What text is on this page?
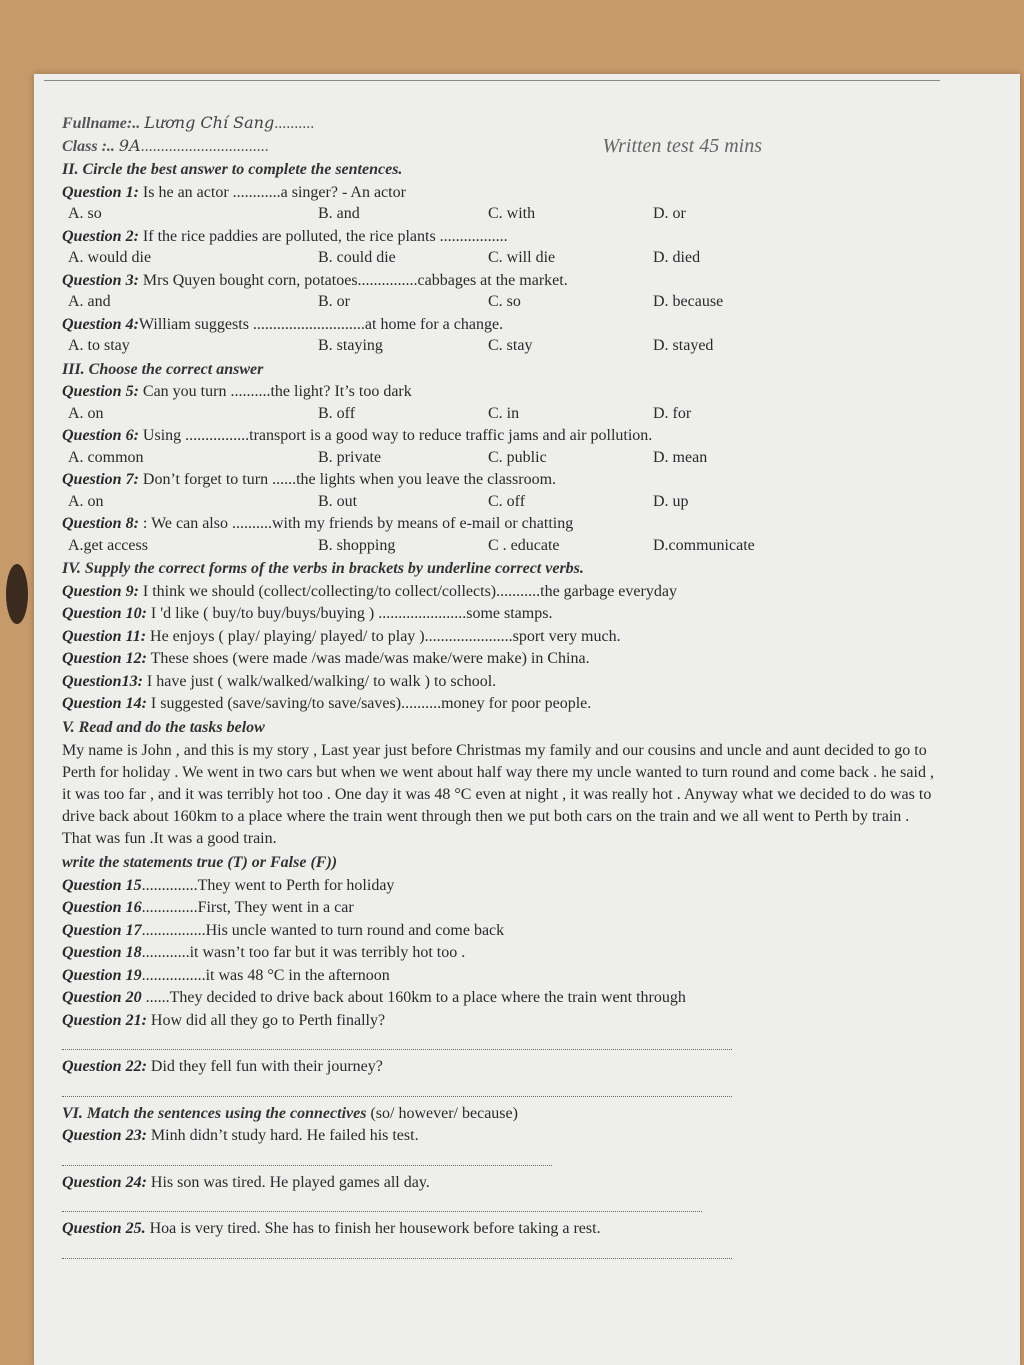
Fullname:.. Lương Chí Sang..........
Class :.. 9A................................	Written test 45 mins
II. Circle the best answer to complete the sentences.
Question 1: Is he an actor ............a singer? - An actor
A. so	B. and	C. with	D. or
Question 2: If the rice paddies are polluted, the rice plants .................
A. would die	B. could die	C. will die	D. died
Question 3: Mrs Quyen bought corn, potatoes...............cabbages at the market.
A. and	B. or	C. so	D. because
Question 4:William suggests ............................at home for a change.
A. to stay	B. staying	C. stay	D. stayed
III. Choose the correct answer
Question 5: Can you turn ..........the light? It’s too dark
A. on	B. off	C. in	D. for
Question 6: Using ................transport is a good way to reduce traffic jams and air pollution.
A. common	B. private	C. public	D. mean
Question 7: Don’t forget to turn ......the lights when you leave the classroom.
A. on	B. out	C. off	D. up
Question 8: : We can also ..........with my friends by means of e-mail or chatting
A.get access	B. shopping	C . educate	D.communicate
IV. Supply the correct forms of the verbs in brackets by underline correct verbs.
Question 9: I think we should (collect/collecting/to collect/collects)...........the garbage everyday
Question 10: I 'd like ( buy/to buy/buys/buying ) ......................some stamps.
Question 11: He enjoys ( play/ playing/ played/ to play )......................sport very much.
Question 12: These shoes (were made /was made/was make/were make) in China.
Question13: I have just ( walk/walked/walking/ to walk ) to school.
Question 14: I suggested (save/saving/to save/saves)..........money for poor people.
V. Read and do the tasks below
My name is John , and this is my story , Last year just before Christmas my family and our cousins and uncle and aunt decided to go to Perth for holiday . We went in two cars but when we went about half way there my uncle wanted to turn round and come back . he said , it was too far , and it was terribly hot too . One day it was 48 °C even at night , it was really hot . Anyway what we decided to do was to drive back about 160km to a place where the train went through then we put both cars on the train and we all went to Perth by train . That was fun .It was a good train.
write the statements true (T) or False (F))
Question 15..............They went to Perth for holiday
Question 16..............First, They went in a car
Question 17................His uncle wanted to turn round and come back
Question 18............it wasn’t too far but it was terribly hot too .
Question 19................it was 48 °C in the afternoon
Question 20 ......They decided to drive back about 160km to a place where the train went through
Question 21: How did all they go to Perth finally?
Question 22: Did they fell fun with their journey?
VI. Match the sentences using the connectives (so/ however/ because)
Question 23: Minh didn’t study hard. He failed his test.
Question 24: His son was tired. He played games all day.
Question 25. Hoa is very tired. She has to finish her housework before taking a rest.
